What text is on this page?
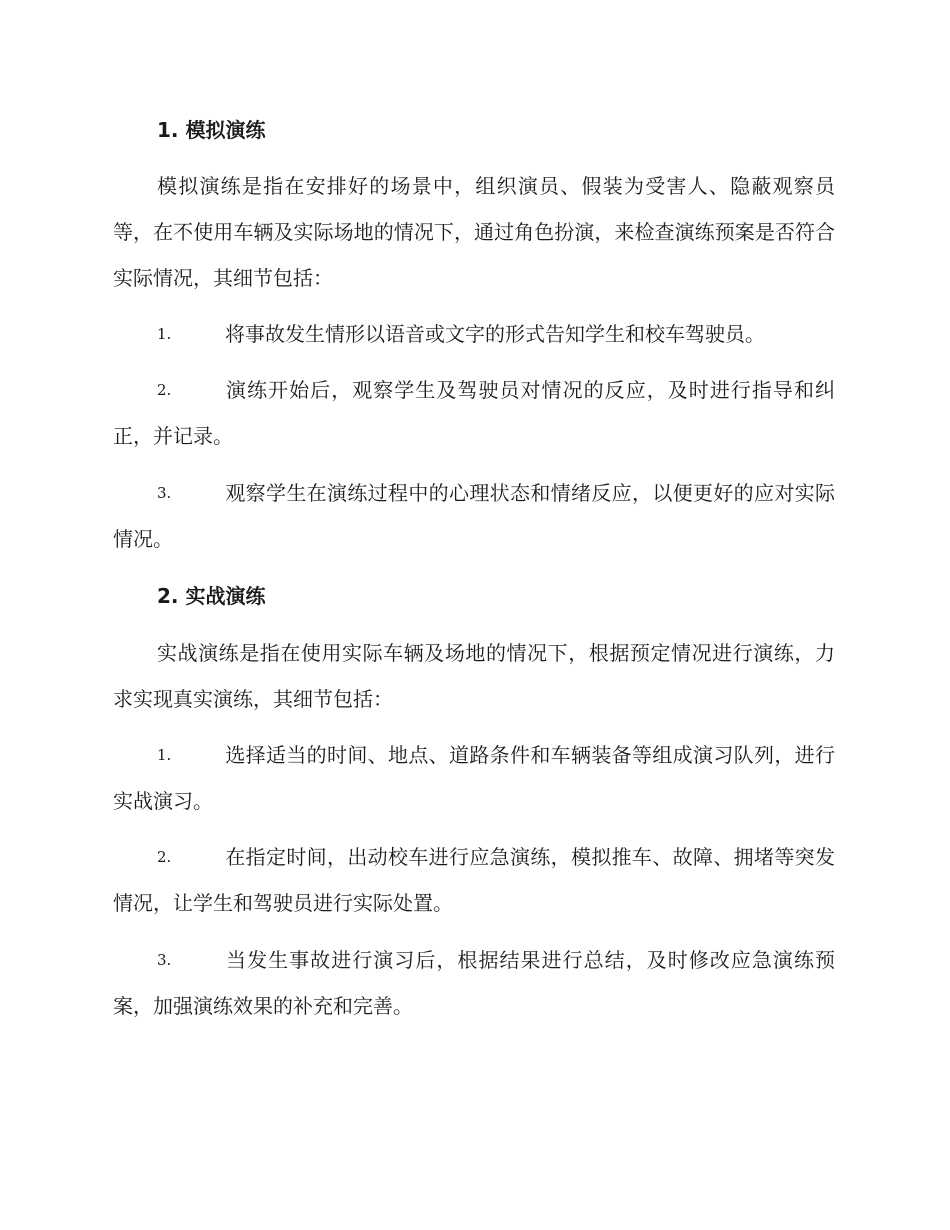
1. 模拟演练
模拟演练是指在安排好的场景中，组织演员、假装为受害人、隐蔽观察员等，在不使用车辆及实际场地的情况下，通过角色扮演，来检查演练预案是否符合实际情况，其细节包括：
1.	将事故发生情形以语音或文字的形式告知学生和校车驾驶员。
2.	演练开始后，观察学生及驾驶员对情况的反应，及时进行指导和纠正，并记录。
3.	观察学生在演练过程中的心理状态和情绪反应，以便更好的应对实际情况。
2. 实战演练
实战演练是指在使用实际车辆及场地的情况下，根据预定情况进行演练，力求实现真实演练，其细节包括：
1.	选择适当的时间、地点、道路条件和车辆装备等组成演习队列，进行实战演习。
2.	在指定时间，出动校车进行应急演练，模拟推车、故障、拥堵等突发情况，让学生和驾驶员进行实际处置。
3.	当发生事故进行演习后，根据结果进行总结，及时修改应急演练预案，加强演练效果的补充和完善。
